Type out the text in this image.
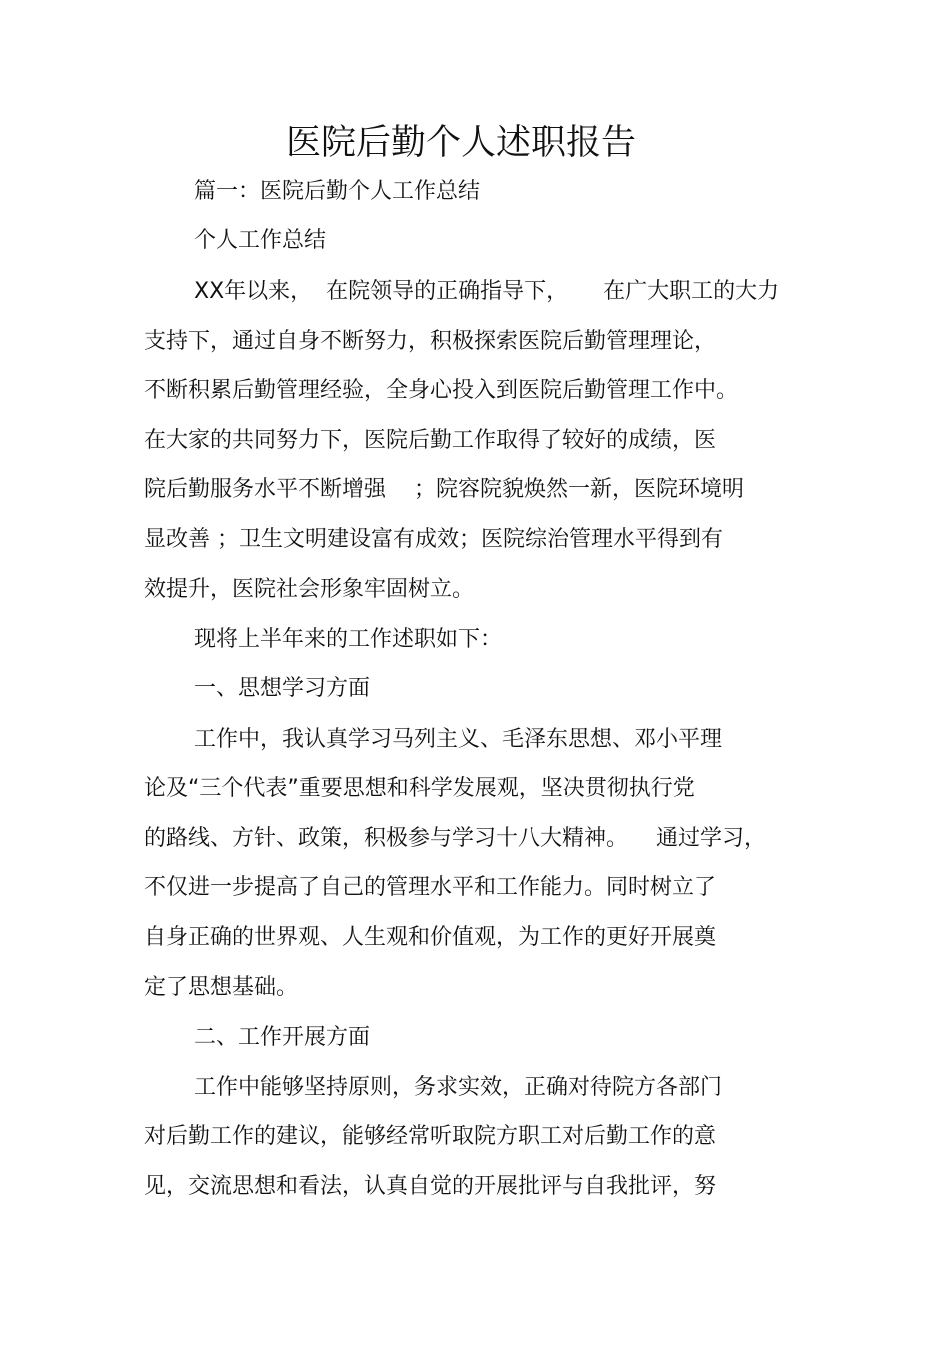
医院后勤个人述职报告
篇一：医院后勤个人工作总结
个人工作总结
XX年以来，  在院领导的正确指导下，     在广大职工的大力
支持下，通过自身不断努力，积极探索医院后勤管理理论，
不断积累后勤管理经验，全身心投入到医院后勤管理工作中。
在大家的共同努力下，医院后勤工作取得了较好的成绩，医
院后勤服务水平不断增强    ；院容院貌焕然一新，医院环境明
显改善 ；卫生文明建设富有成效；医院综治管理水平得到有
效提升，医院社会形象牢固树立。
现将上半年来的工作述职如下：
一、思想学习方面
工作中，我认真学习马列主义、毛泽东思想、邓小平理
论及“三个代表”重要思想和科学发展观，坚决贯彻执行党
的路线、方针、政策，积极参与学习十八大精神。    通过学习，
不仅进一步提高了自己的管理水平和工作能力。同时树立了
自身正确的世界观、人生观和价值观，为工作的更好开展奠
定了思想基础。
二、工作开展方面
工作中能够坚持原则，务求实效，正确对待院方各部门
对后勤工作的建议，能够经常听取院方职工对后勤工作的意
见，交流思想和看法，认真自觉的开展批评与自我批评，努
